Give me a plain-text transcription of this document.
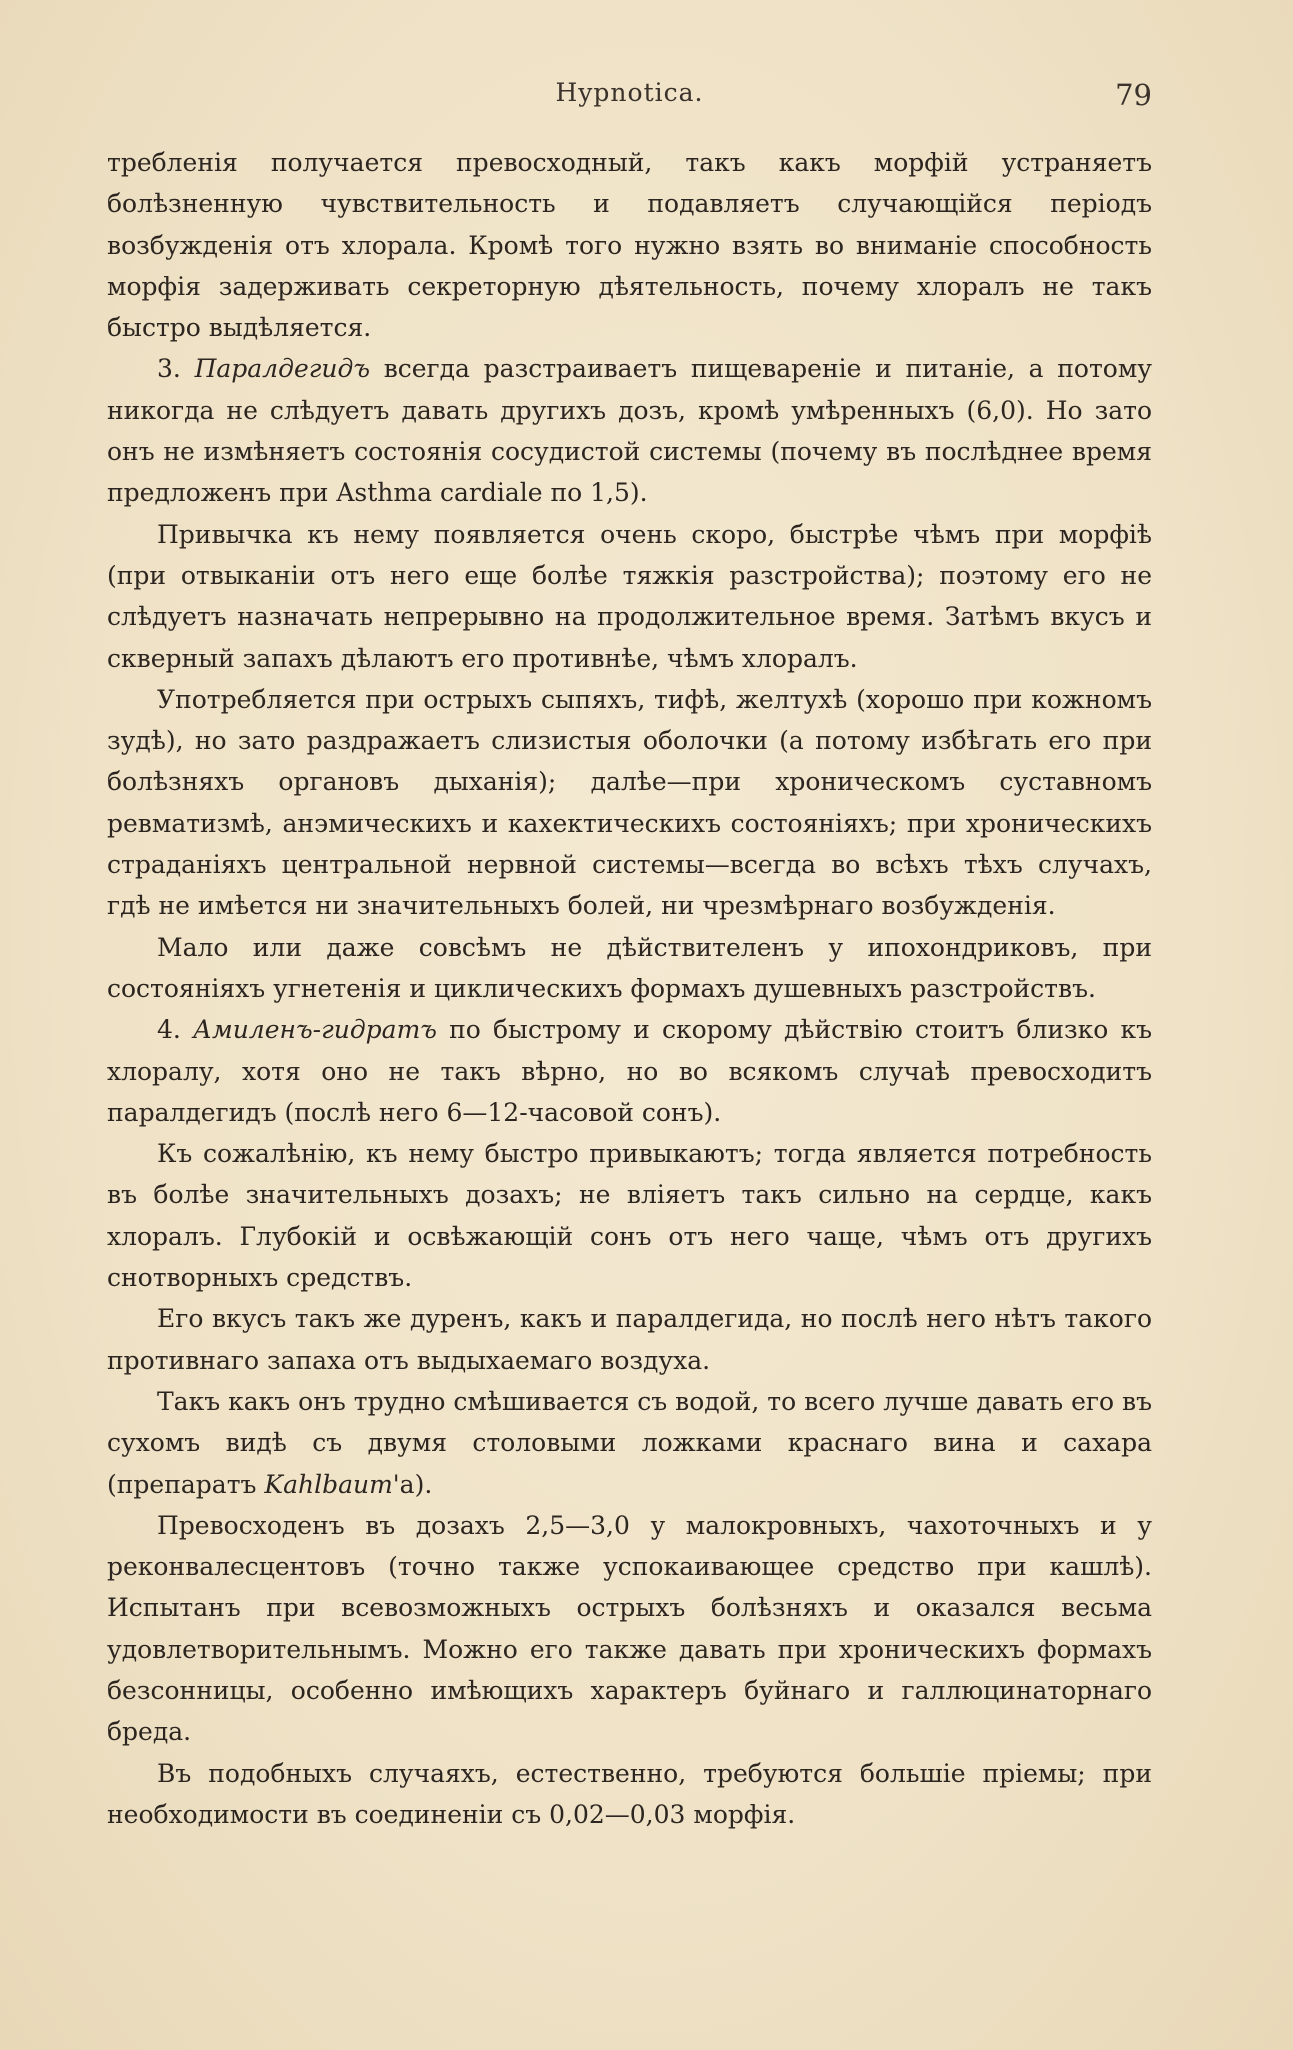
Hypnotica.	79

требленія получается превосходный, такъ какъ морфій устраняетъ болѣзненную чувствительность и подавляетъ случающійся періодъ возбужденія отъ хлорала. Кромѣ того нужно взять во вниманіе способность морфія задерживать секреторную дѣятельность, почему хлоралъ не такъ быстро выдѣляется.

3. Паралдегидъ всегда разстраиваетъ пищевареніе и питаніе, а потому никогда не слѣдуетъ давать другихъ дозъ, кромѣ умѣренныхъ (6,0). Но зато онъ не измѣняетъ состоянія сосудистой системы (почему въ послѣднее время предложенъ при Asthma cardiale по 1,5).

Привычка къ нему появляется очень скоро, быстрѣе чѣмъ при морфіѣ (при отвыканіи отъ него еще болѣе тяжкія разстройства); поэтому его не слѣдуетъ назначать непрерывно на продолжительное время. Затѣмъ вкусъ и скверный запахъ дѣлаютъ его противнѣе, чѣмъ хлоралъ.

Употребляется при острыхъ сыпяхъ, тифѣ, желтухѣ (хорошо при кожномъ зудѣ), но зато раздражаетъ слизистыя оболочки (а потому избѣгать его при болѣзняхъ органовъ дыханія); далѣе—при хроническомъ суставномъ ревматизмѣ, анэмическихъ и кахектическихъ состояніяхъ; при хроническихъ страданіяхъ центральной нервной системы—всегда во всѣхъ тѣхъ случахъ, гдѣ не имѣется ни значительныхъ болей, ни чрезмѣрнаго возбужденія.

Мало или даже совсѣмъ не дѣйствителенъ у ипохондриковъ, при состояніяхъ угнетенія и циклическихъ формахъ душевныхъ разстройствъ.

4. Амиленъ-гидратъ по быстрому и скорому дѣйствію стоитъ близко къ хлоралу, хотя оно не такъ вѣрно, но во всякомъ случаѣ превосходитъ паралдегидъ (послѣ него 6—12-часовой сонъ).

Къ сожалѣнію, къ нему быстро привыкаютъ; тогда является потребность въ болѣе значительныхъ дозахъ; не вліяетъ такъ сильно на сердце, какъ хлоралъ. Глубокій и освѣжающій сонъ отъ него чаще, чѣмъ отъ другихъ снотворныхъ средствъ.

Его вкусъ такъ же дуренъ, какъ и паралдегида, но послѣ него нѣтъ такого противнаго запаха отъ выдыхаемаго воздуха.

Такъ какъ онъ трудно смѣшивается съ водой, то всего лучше давать его въ сухомъ видѣ съ двумя столовыми ложками краснаго вина и сахара (препаратъ Kahlbaum'а).

Превосходенъ въ дозахъ 2,5—3,0 у малокровныхъ, чахоточныхъ и у реконвалесцентовъ (точно также успокаивающее средство при кашлѣ). Испытанъ при всевозможныхъ острыхъ болѣзняхъ и оказался весьма удовлетворительнымъ. Можно его также давать при хроническихъ формахъ безсонницы, особенно имѣющихъ характеръ буйнаго и галлюцинаторнаго бреда.

Въ подобныхъ случаяхъ, естественно, требуются большіе пріемы; при необходимости въ соединеніи съ 0,02—0,03 морфія.
